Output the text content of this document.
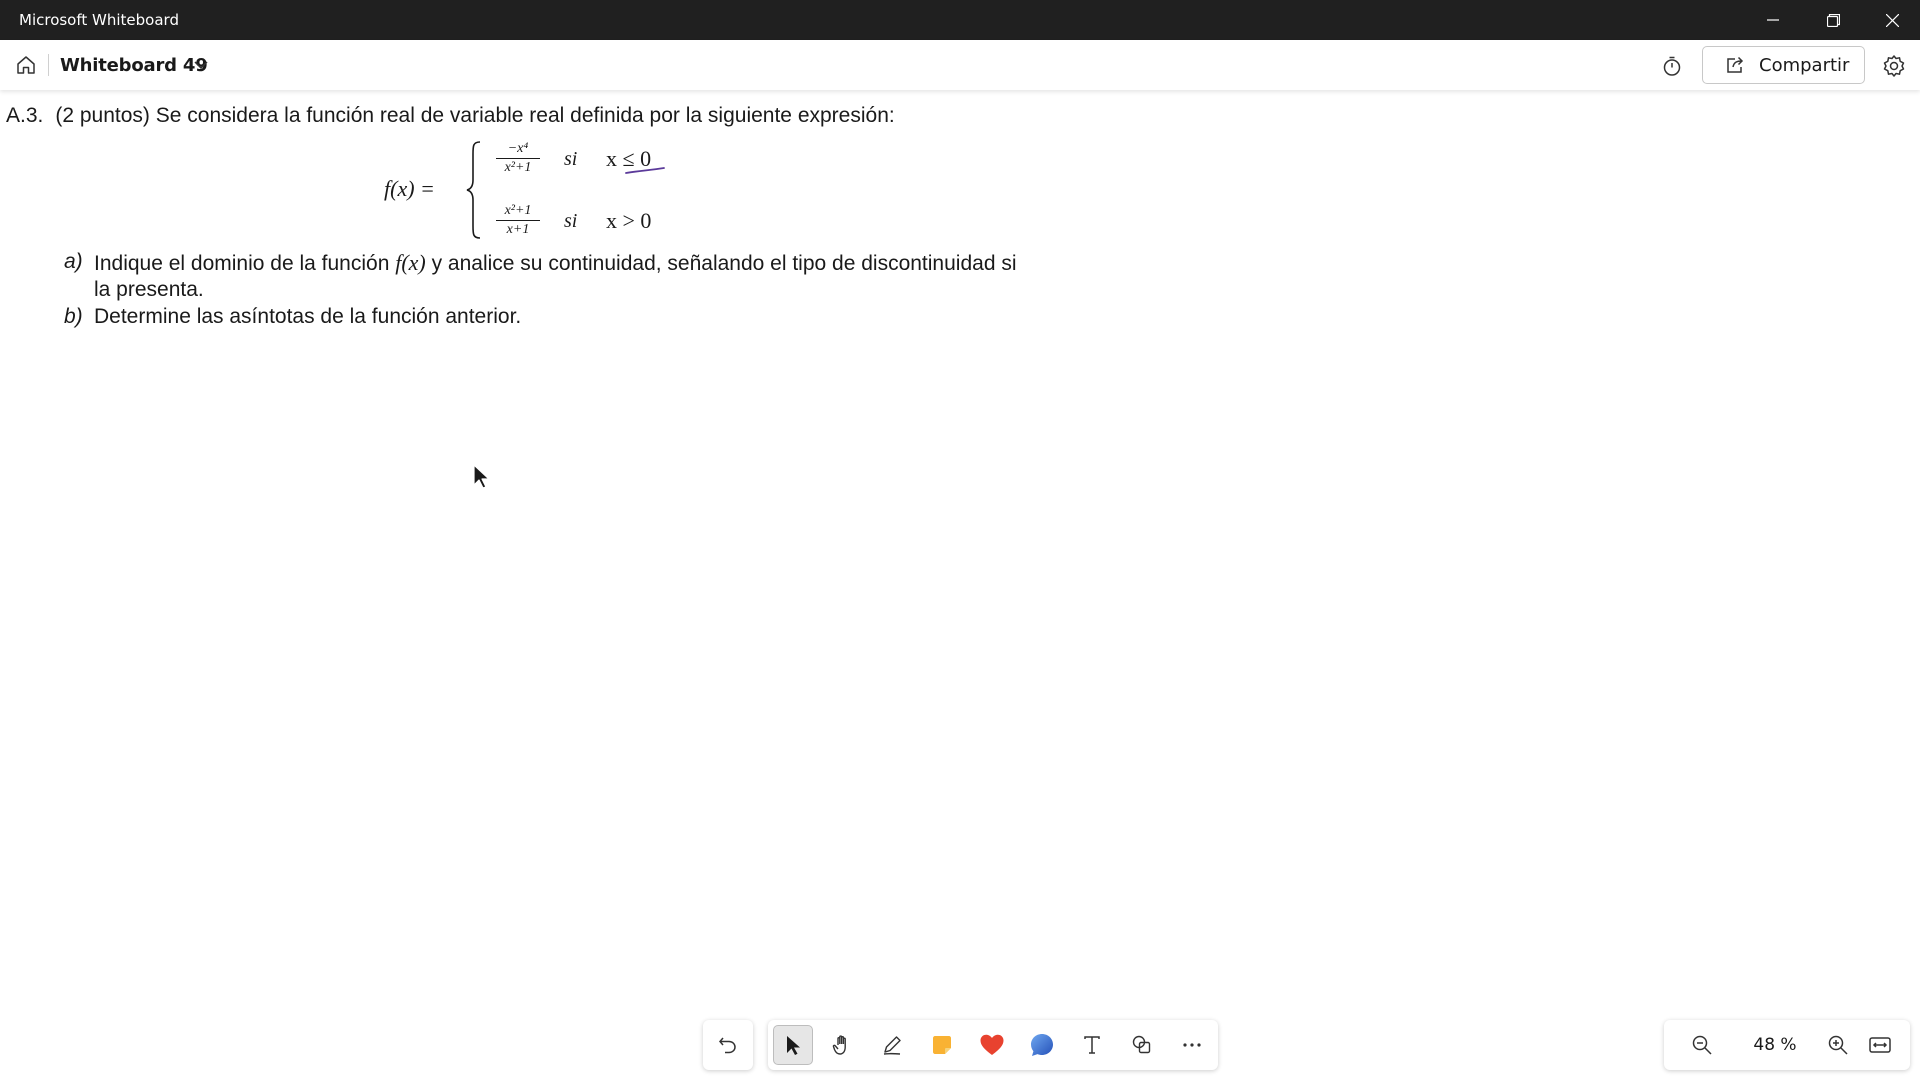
Microsoft Whiteboard
Whiteboard 49	Compartir
A.3. (2 puntos) Se considera la función real de variable real definida por la siguiente expresión:
f(x) =
−x⁴
x²+1 si x ≤ 0
x²+1
x+1 si x > 0
a) Indique el dominio de la función f(x) y analice su continuidad, señalando el tipo de discontinuidad si
la presenta.
b) Determine las asíntotas de la función anterior.
48 %
